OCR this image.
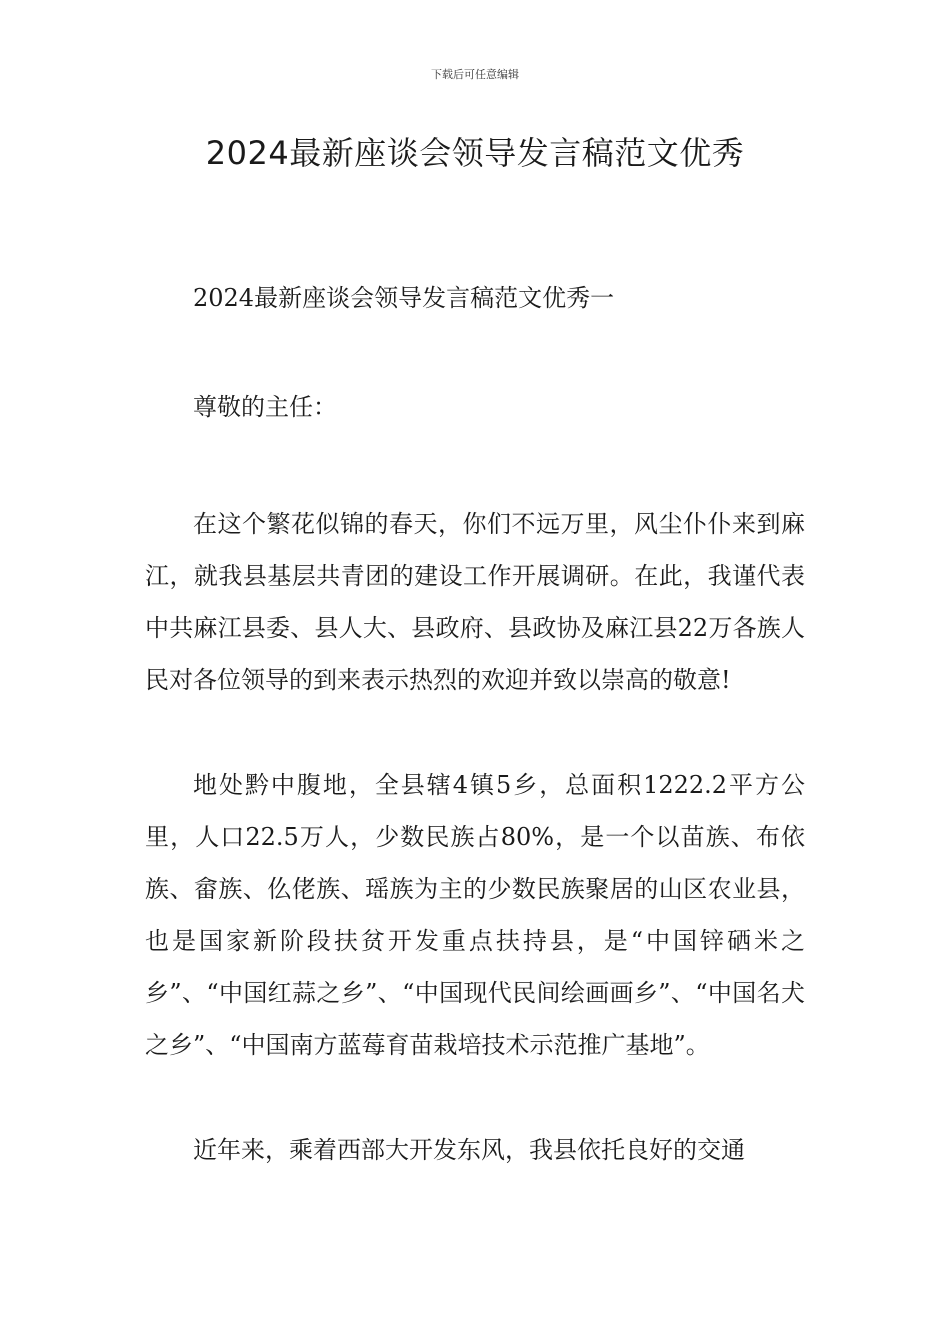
下载后可任意编辑
2024最新座谈会领导发言稿范文优秀

2024最新座谈会领导发言稿范文优秀一

尊敬的主任：

在这个繁花似锦的春天，你们不远万里，风尘仆仆来到麻江，就我县基层共青团的建设工作开展调研。在此，我谨代表中共麻江县委、县人大、县政府、县政协及麻江县22万各族人民对各位领导的到来表示热烈的欢迎并致以崇高的敬意!

地处黔中腹地，全县辖4镇5乡，总面积1222.2平方公里，人口22.5万人，少数民族占80%，是一个以苗族、布依族、畲族、仫佬族、瑶族为主的少数民族聚居的山区农业县，也是国家新阶段扶贫开发重点扶持县，是“中国锌硒米之乡”、“中国红蒜之乡”、“中国现代民间绘画画乡”、“中国名犬之乡”、“中国南方蓝莓育苗栽培技术示范推广基地”。

近年来，乘着西部大开发东风，我县依托良好的交通
